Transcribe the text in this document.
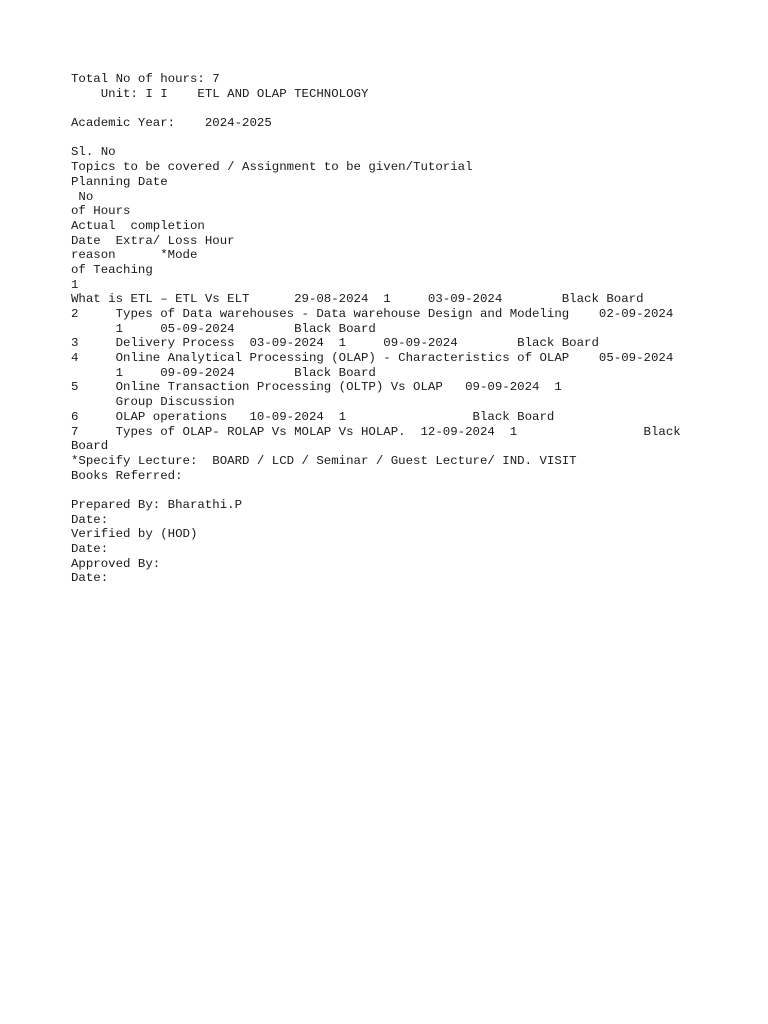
Total No of hours: 7
Unit: I I    ETL AND OLAP TECHNOLOGY
Academic Year:    2024-2025
Sl. No
Topics to be covered / Assignment to be given/Tutorial
Planning Date
No
of Hours
Actual  completion
Date  Extra/ Loss Hour
reason      *Mode
of Teaching
1
What is ETL – ETL Vs ELT      29-08-2024  1     03-09-2024        Black Board
2     Types of Data warehouses - Data warehouse Design and Modeling    02-09-2024
1     05-09-2024        Black Board
3     Delivery Process  03-09-2024  1     09-09-2024        Black Board
4     Online Analytical Processing (OLAP) - Characteristics of OLAP    05-09-2024
1     09-09-2024        Black Board
5     Online Transaction Processing (OLTP) Vs OLAP   09-09-2024  1
Group Discussion
6     OLAP operations   10-09-2024  1                 Black Board
7     Types of OLAP- ROLAP Vs MOLAP Vs HOLAP.  12-09-2024  1                 Black
Board
*Specify Lecture:  BOARD / LCD / Seminar / Guest Lecture/ IND. VISIT
Books Referred:
Prepared By: Bharathi.P
Date:
Verified by (HOD)
Date:
Approved By:
Date:
